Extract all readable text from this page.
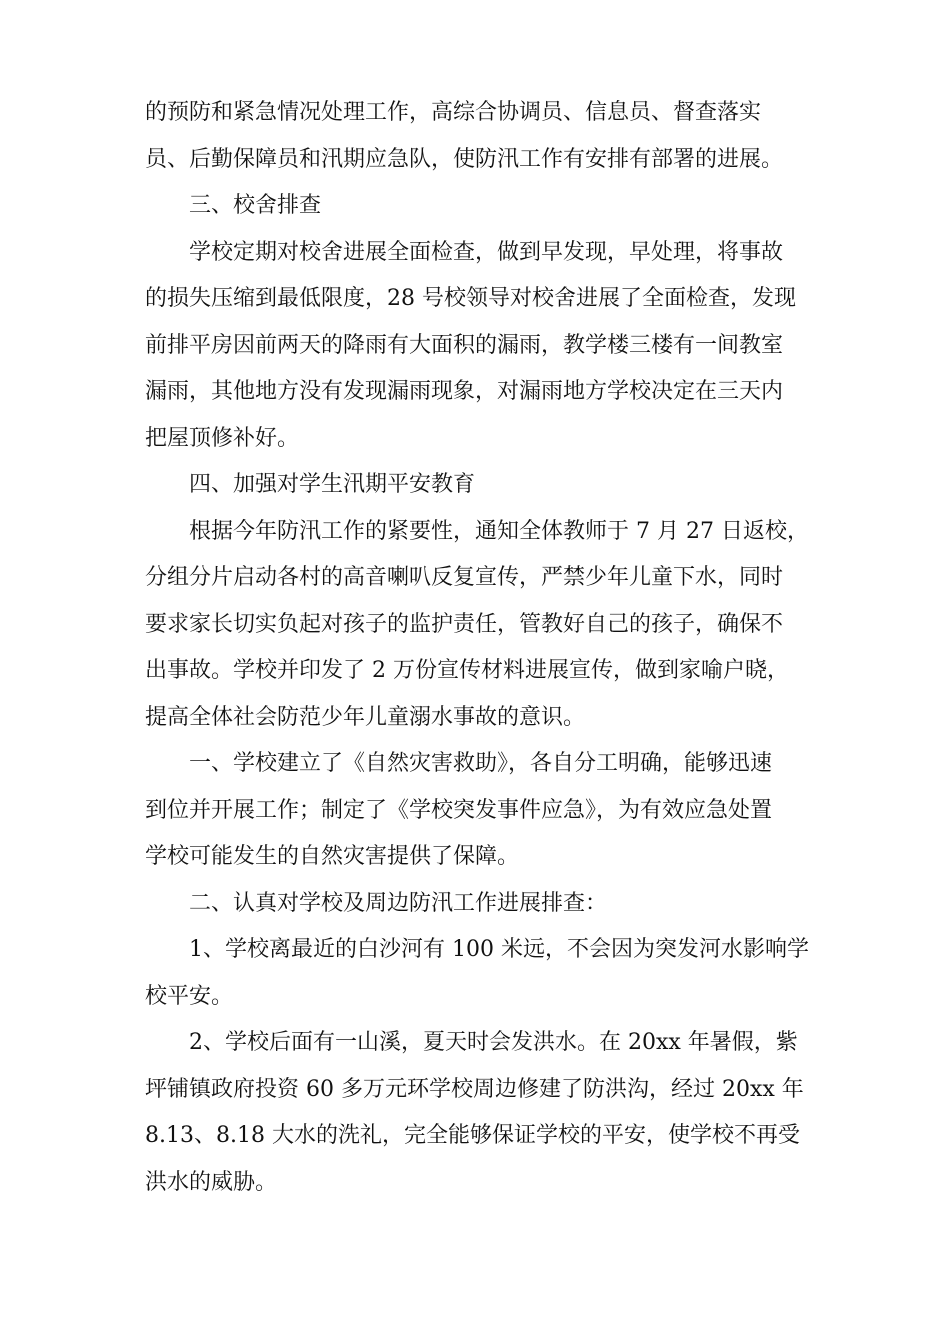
的预防和紧急情况处理工作，高综合协调员、信息员、督查落实
员、后勤保障员和汛期应急队，使防汛工作有安排有部署的进展。
三、校舍排查
学校定期对校舍进展全面检查，做到早发现，早处理，将事故
的损失压缩到最低限度，28 号校领导对校舍进展了全面检查，发现
前排平房因前两天的降雨有大面积的漏雨，教学楼三楼有一间教室
漏雨，其他地方没有发现漏雨现象，对漏雨地方学校决定在三天内
把屋顶修补好。
四、加强对学生汛期平安教育
根据今年防汛工作的紧要性，通知全体教师于 7 月 27 日返校，
分组分片启动各村的高音喇叭反复宣传，严禁少年儿童下水，同时
要求家长切实负起对孩子的监护责任，管教好自己的孩子，确保不
出事故。学校并印发了 2 万份宣传材料进展宣传，做到家喻户晓，
提高全体社会防范少年儿童溺水事故的意识。
一、学校建立了《自然灾害救助》，各自分工明确，能够迅速
到位并开展工作；制定了《学校突发事件应急》，为有效应急处置
学校可能发生的自然灾害提供了保障。
二、认真对学校及周边防汛工作进展排查：
1、学校离最近的白沙河有 100 米远，不会因为突发河水影响学
校平安。
2、学校后面有一山溪，夏天时会发洪水。在 20xx 年暑假，紫
坪铺镇政府投资 60 多万元环学校周边修建了防洪沟，经过 20xx 年
8.13、8.18 大水的洗礼，完全能够保证学校的平安，使学校不再受
洪水的威胁。
